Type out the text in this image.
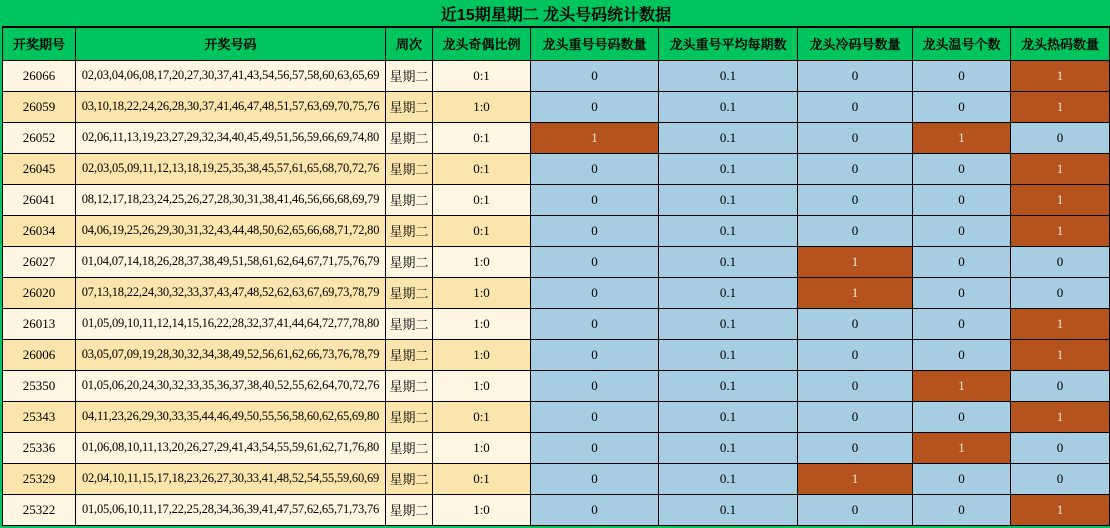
近15期星期二 龙头号码统计数据								
开奖期号	开奖号码	周次	龙头奇偶比例	龙头重号号码数量	龙头重号平均每期数	龙头冷码号数量	龙头温号个数	龙头热码数量
26066	02,03,04,06,08,17,20,27,30,37,41,43,54,56,57,58,60,63,65,69	星期二	0:1	0	0.1	0	0	1
26059	03,10,18,22,24,26,28,30,37,41,46,47,48,51,57,63,69,70,75,76	星期二	1:0	0	0.1	0	0	1
26052	02,06,11,13,19,23,27,29,32,34,40,45,49,51,56,59,66,69,74,80	星期二	0:1	1	0.1	0	1	0
26045	02,03,05,09,11,12,13,18,19,25,35,38,45,57,61,65,68,70,72,76	星期二	0:1	0	0.1	0	0	1
26041	08,12,17,18,23,24,25,26,27,28,30,31,38,41,46,56,66,68,69,79	星期二	0:1	0	0.1	0	0	1
26034	04,06,19,25,26,29,30,31,32,43,44,48,50,62,65,66,68,71,72,80	星期二	0:1	0	0.1	0	0	1
26027	01,04,07,14,18,26,28,37,38,49,51,58,61,62,64,67,71,75,76,79	星期二	1:0	0	0.1	1	0	0
26020	07,13,18,22,24,30,32,33,37,43,47,48,52,62,63,67,69,73,78,79	星期二	1:0	0	0.1	1	0	0
26013	01,05,09,10,11,12,14,15,16,22,28,32,37,41,44,64,72,77,78,80	星期二	1:0	0	0.1	0	0	1
26006	03,05,07,09,19,28,30,32,34,38,49,52,56,61,62,66,73,76,78,79	星期二	1:0	0	0.1	0	0	1
25350	01,05,06,20,24,30,32,33,35,36,37,38,40,52,55,62,64,70,72,76	星期二	1:0	0	0.1	0	1	0
25343	04,11,23,26,29,30,33,35,44,46,49,50,55,56,58,60,62,65,69,80	星期二	0:1	0	0.1	0	0	1
25336	01,06,08,10,11,13,20,26,27,29,41,43,54,55,59,61,62,71,76,80	星期二	1:0	0	0.1	0	1	0
25329	02,04,10,11,15,17,18,23,26,27,30,33,41,48,52,54,55,59,60,69	星期二	0:1	0	0.1	1	0	0
25322	01,05,06,10,11,17,22,25,28,34,36,39,41,47,57,62,65,71,73,76	星期二	1:0	0	0.1	0	0	1
